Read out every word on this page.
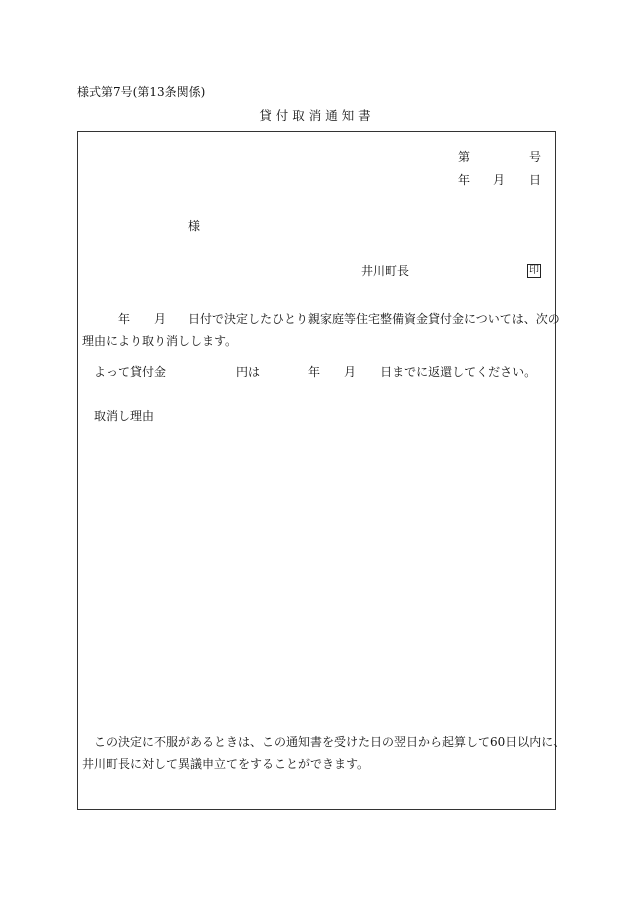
様式第7号(第13条関係)
貸 付 取 消 通 知 書
第	号
年 月 日
様
井川町長	印
年 月 日付で決定したひとり親家庭等住宅整備資金貸付金については、次の
理由により取り消しします。
よって貸付金	円は	年 月 日までに返還してください。
取消し理由
この決定に不服があるときは、この通知書を受けた日の翌日から起算して60日以内に、
井川町長に対して異議申立てをすることができます。
